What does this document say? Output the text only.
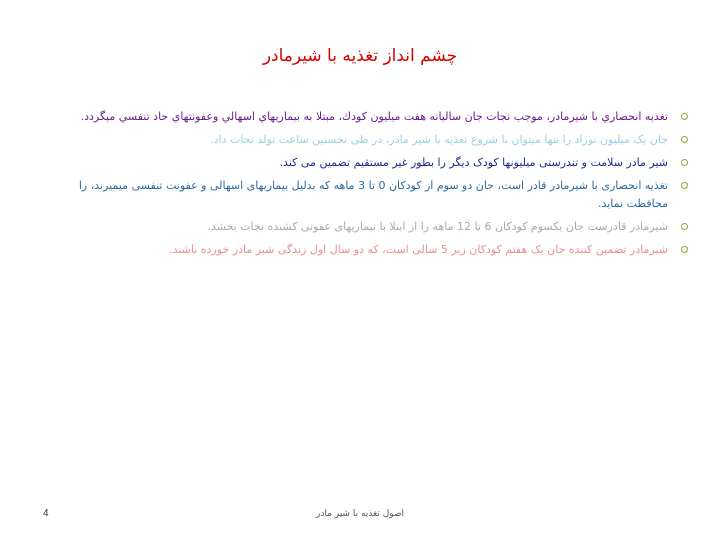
چشم انداز تغذیه با شیرمادر
تغذيه انحصاري با شيرمادر، موجب نجات جان ساليانه هفت ميليون كودك، مبتلا به بيماريهاي اسهالي وعفونتهاي حاد تنفسي ميگردد.
جان یک میلیون نوزاد را تنها میتوان با شروع تغذیه با شیر مادر، در طی نخستین ساعت تولد نجات داد.
شیر مادر سلامت و تندرستی میلیونها کودک دیگر را بطور غیر مستقیم تضمین می کند.
تغذیه انحصاری با شیرمادر قادر است، جان دو سوم از کودکان 0 تا 3 ماهه که بدلیل بیماریهای اسهالی و عفونت تنفسی میمیرند، را محافظت نماید.
شیرمادر قادرست جان یکسوم کودکان 6 تا 12 ماهه را از ابتلا با بیماریهای عفونی کشنده نجات بخشد.
شیرمادر تضمین کننده جان یک هفتم کودکان زیر 5 سالی است، که دو سال اول زندگی شیر مادر خورده باشند.
اصول تغذیه با شیر مادر
4
